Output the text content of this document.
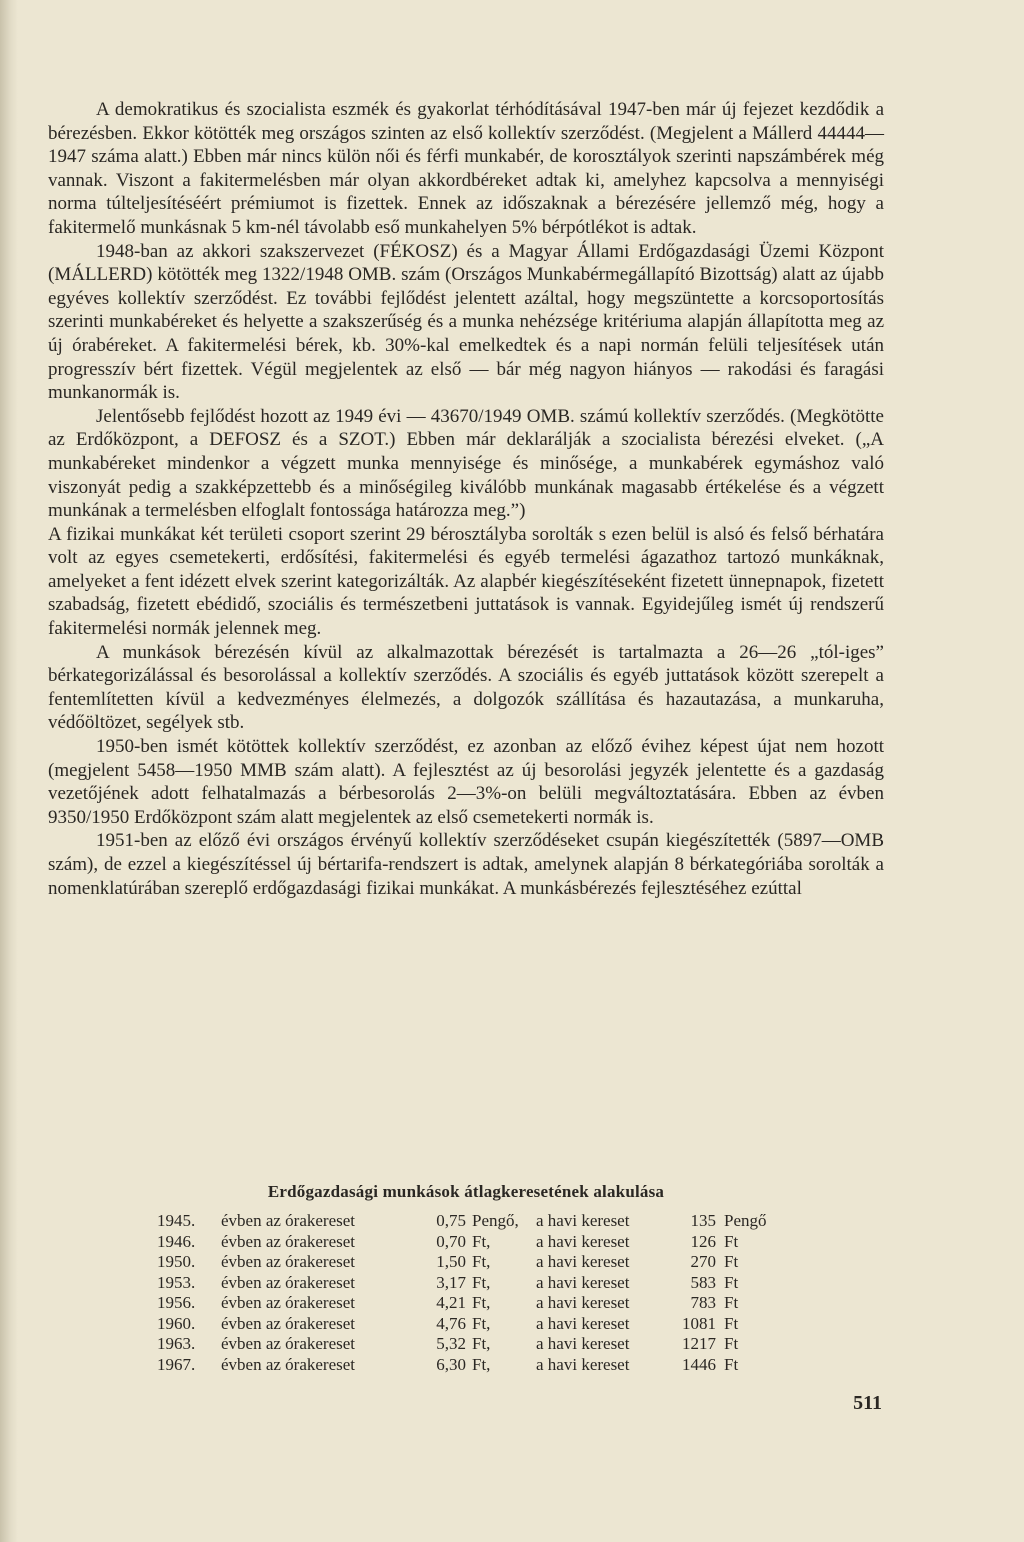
A demokratikus és szocialista eszmék és gyakorlat térhódításával 1947-ben már új fejezet kezdődik a bérezésben. Ekkor kötötték meg országos szinten az első kollektív szerződést. (Megjelent a Mállerd 44444—1947 száma alatt.) Ebben már nincs külön női és férfi munkabér, de korosztályok szerinti napszámbérek még vannak. Viszont a fakitermelésben már olyan akkordbéreket adtak ki, amelyhez kapcsolva a mennyiségi norma túlteljesítéséért prémiumot is fizettek. Ennek az időszaknak a bérezésére jellemző még, hogy a fakitermelő munkásnak 5 km-nél távolabb eső munkahelyen 5% bérpótlékot is adtak.

1948-ban az akkori szakszervezet (FÉKOSZ) és a Magyar Állami Erdőgazdasági Üzemi Központ (MÁLLERD) kötötték meg 1322/1948 OMB. szám (Országos Munkabérmegállapító Bizottság) alatt az újabb egyéves kollektív szerződést. Ez további fejlődést jelentett azáltal, hogy megszüntette a korcsoportosítás szerinti munkabéreket és helyette a szakszerűség és a munka nehézsége kritériuma alapján állapította meg az új órabéreket. A fakitermelési bérek, kb. 30%-kal emelkedtek és a napi normán felüli teljesítések után progresszív bért fizettek. Végül megjelentek az első — bár még nagyon hiányos — rakodási és faragási munkanormák is.

Jelentősebb fejlődést hozott az 1949 évi — 43670/1949 OMB. számú kollektív szerződés. (Megkötötte az Erdőközpont, a DEFOSZ és a SZOT.) Ebben már deklarálják a szocialista bérezési elveket. („A munkabéreket mindenkor a végzett munka mennyisége és minősége, a munkabérek egymáshoz való viszonyát pedig a szakképzettebb és a minőségileg kiválóbb munkának magasabb értékelése és a végzett munkának a termelésben elfoglalt fontossága határozza meg.”)

A fizikai munkákat két területi csoport szerint 29 bérosztályba sorolták s ezen belül is alsó és felső bérhatára volt az egyes csemetekerti, erdősítési, fakitermelési és egyéb termelési ágazathoz tartozó munkáknak, amelyeket a fent idézett elvek szerint kategorizálták. Az alapbér kiegészítéseként fizetett ünnepnapok, fizetett szabadság, fizetett ebédidő, szociális és természetbeni juttatások is vannak. Egyidejűleg ismét új rendszerű fakitermelési normák jelennek meg.

A munkások bérezésén kívül az alkalmazottak bérezését is tartalmazta a 26—26 „tól-iges” bérkategorizálással és besorolással a kollektív szerződés. A szociális és egyéb juttatások között szerepelt a fentemlítetten kívül a kedvezményes élelmezés, a dolgozók szállítása és hazautazása, a munkaruha, védőöltözet, segélyek stb.

1950-ben ismét kötöttek kollektív szerződést, ez azonban az előző évihez képest újat nem hozott (megjelent 5458—1950 MMB szám alatt). A fejlesztést az új besorolási jegyzék jelentette és a gazdaság vezetőjének adott felhatalmazás a bérbesorolás 2—3%-on belüli megváltoztatására. Ebben az évben 9350/1950 Erdőközpont szám alatt megjelentek az első csemetekerti normák is.

1951-ben az előző évi országos érvényű kollektív szerződéseket csupán kiegészítették (5897—OMB szám), de ezzel a kiegészítéssel új bértarifa-rendszert is adtak, amelynek alapján 8 bérkategóriába sorolták a nomenklatúrában szereplő erdőgazdasági fizikai munkákat. A munkásbérezés fejlesztéséhez ezúttal

Erdőgazdasági munkások átlagkeresetének alakulása
1945.	évben az órakereset	0,75	Pengő,	a havi kereset	135	Pengő
1946.	évben az órakereset	0,70	Ft,	a havi kereset	126	Ft
1950.	évben az órakereset	1,50	Ft,	a havi kereset	270	Ft
1953.	évben az órakereset	3,17	Ft,	a havi kereset	583	Ft
1956.	évben az órakereset	4,21	Ft,	a havi kereset	783	Ft
1960.	évben az órakereset	4,76	Ft,	a havi kereset	1081	Ft
1963.	évben az órakereset	5,32	Ft,	a havi kereset	1217	Ft
1967.	évben az órakereset	6,30	Ft,	a havi kereset	1446	Ft
511
